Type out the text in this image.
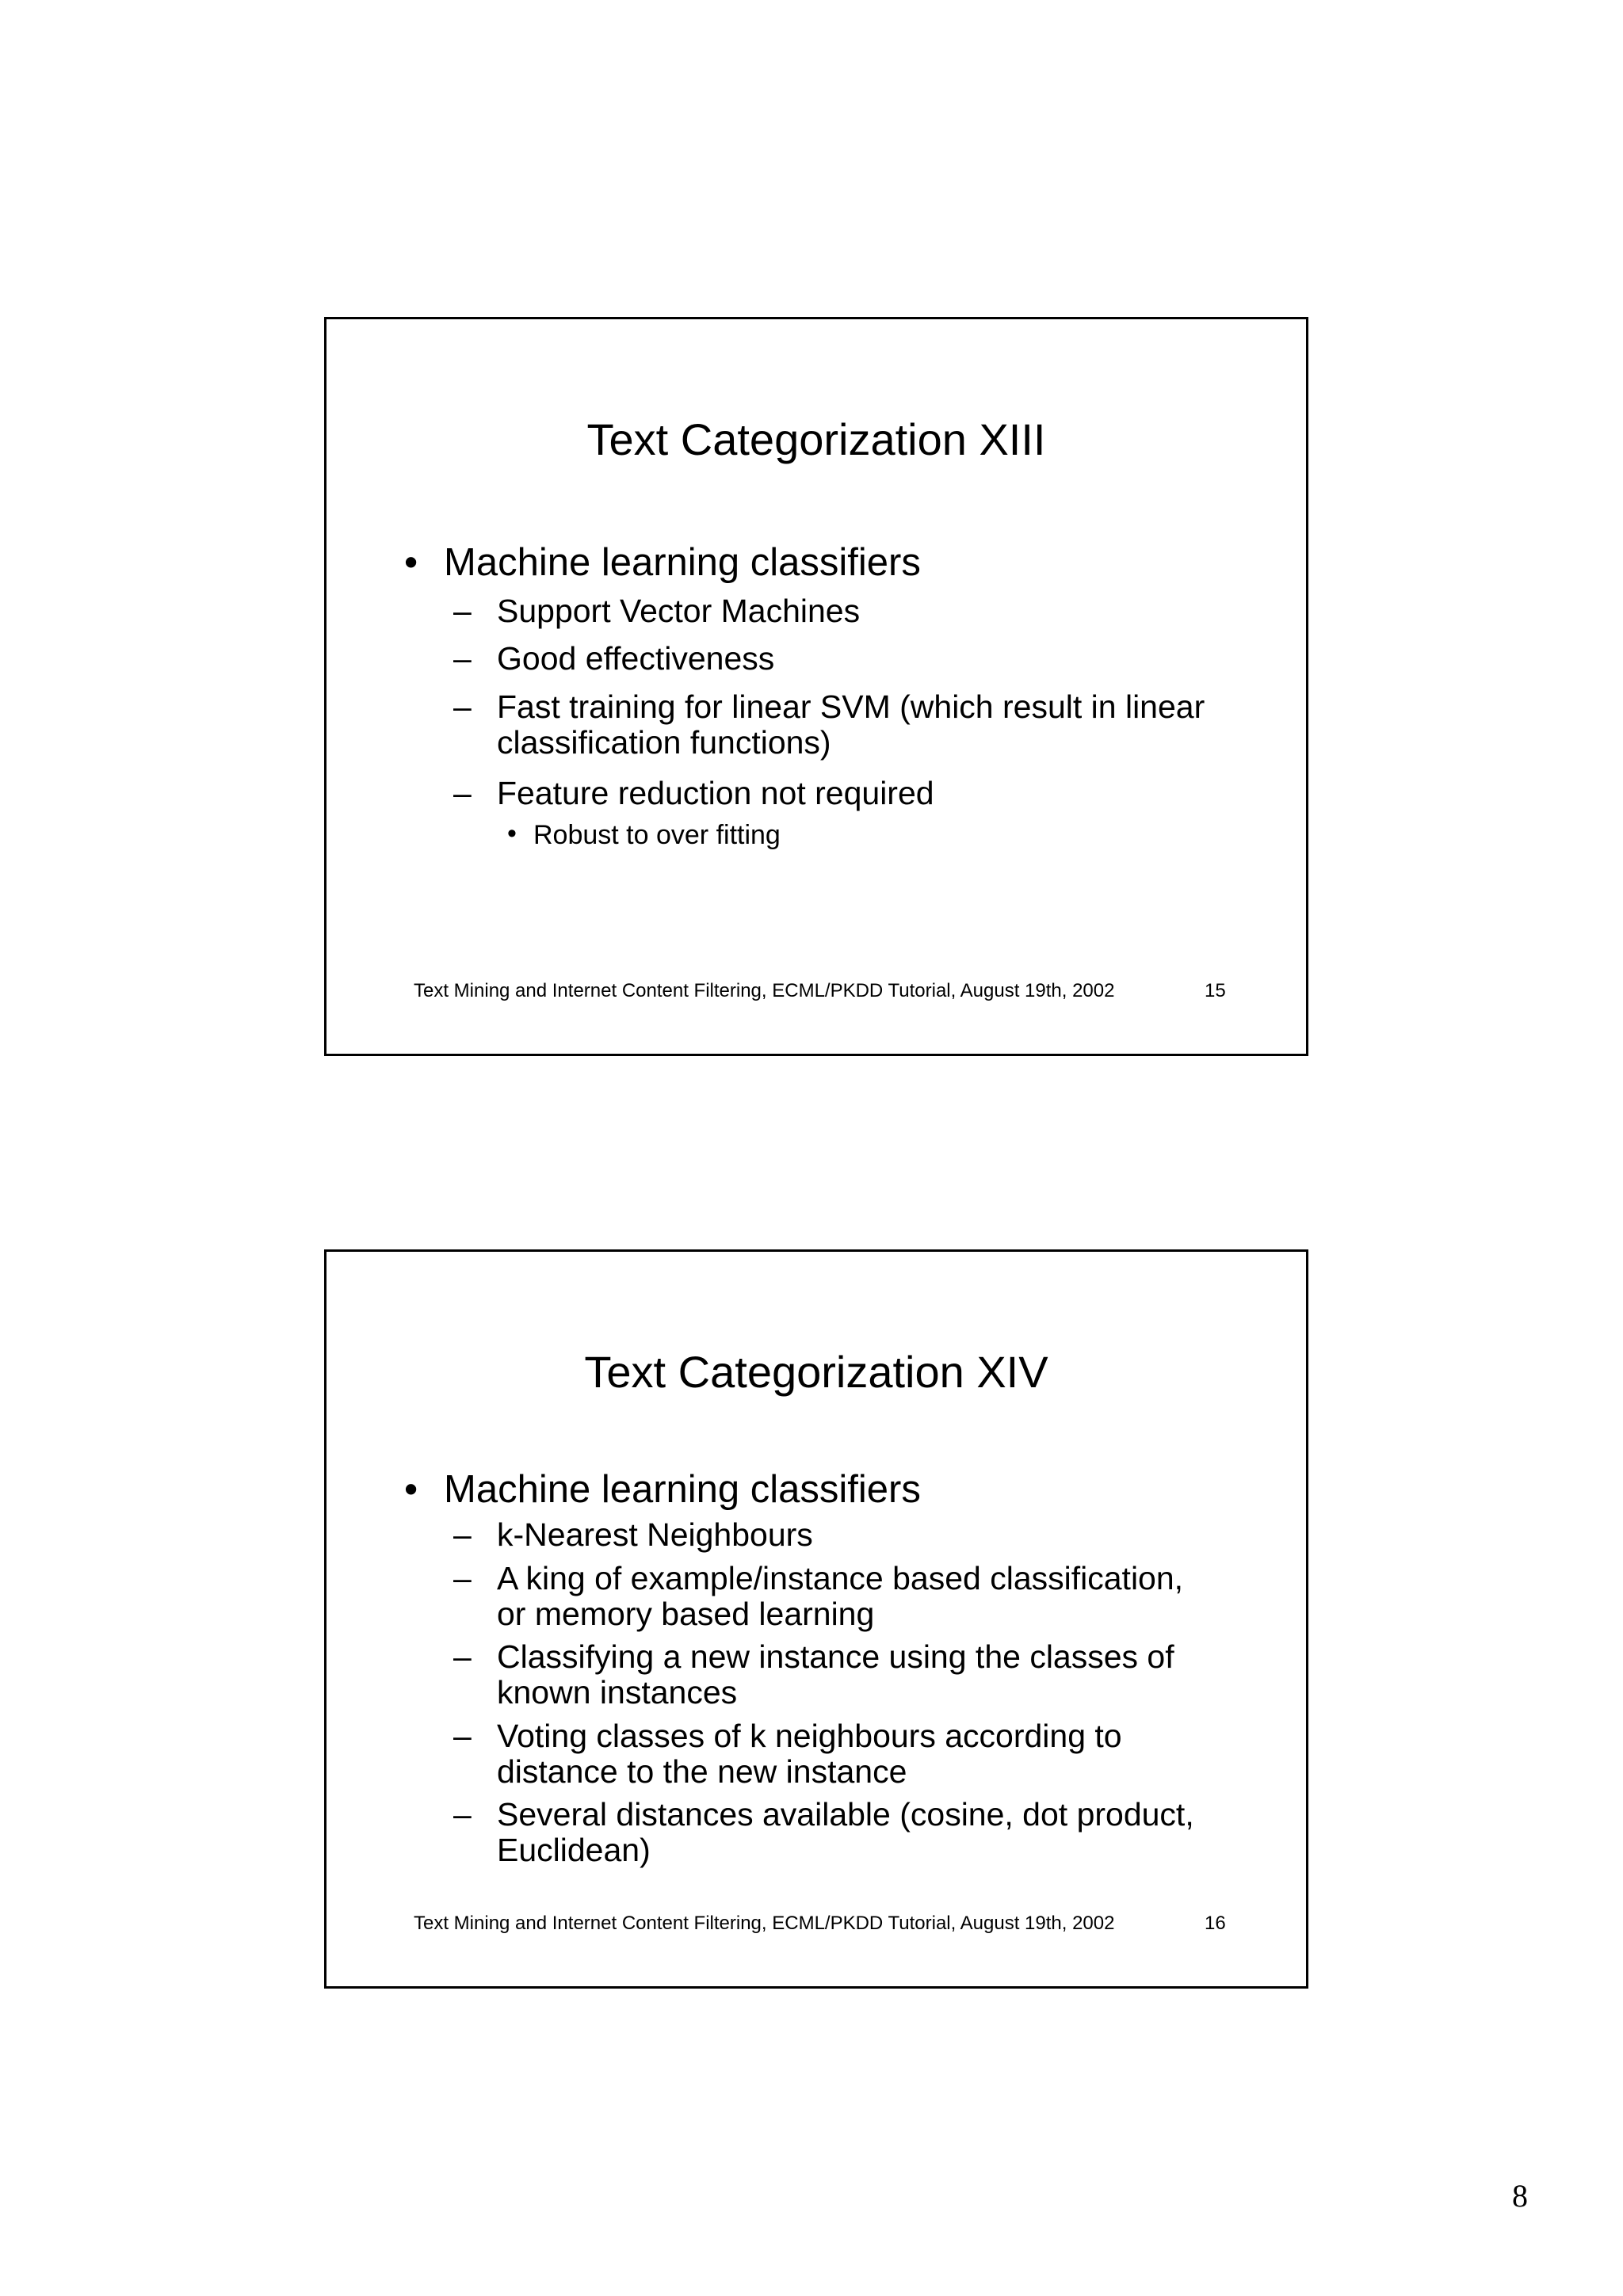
Text Categorization XIII
• Machine learning classifiers
– Support Vector Machines
– Good effectiveness
– Fast training for linear SVM (which result in linear classification functions)
– Feature reduction not required
• Robust to over fitting
Text Mining and Internet Content Filtering, ECML/PKDD Tutorial, August 19th, 2002	15
Text Categorization XIV
• Machine learning classifiers
– k-Nearest Neighbours
– A king of example/instance based classification, or memory based learning
– Classifying a new instance using the classes of known instances
– Voting classes of k neighbours according to distance to the new instance
– Several distances available (cosine, dot product, Euclidean)
Text Mining and Internet Content Filtering, ECML/PKDD Tutorial, August 19th, 2002	16
8
